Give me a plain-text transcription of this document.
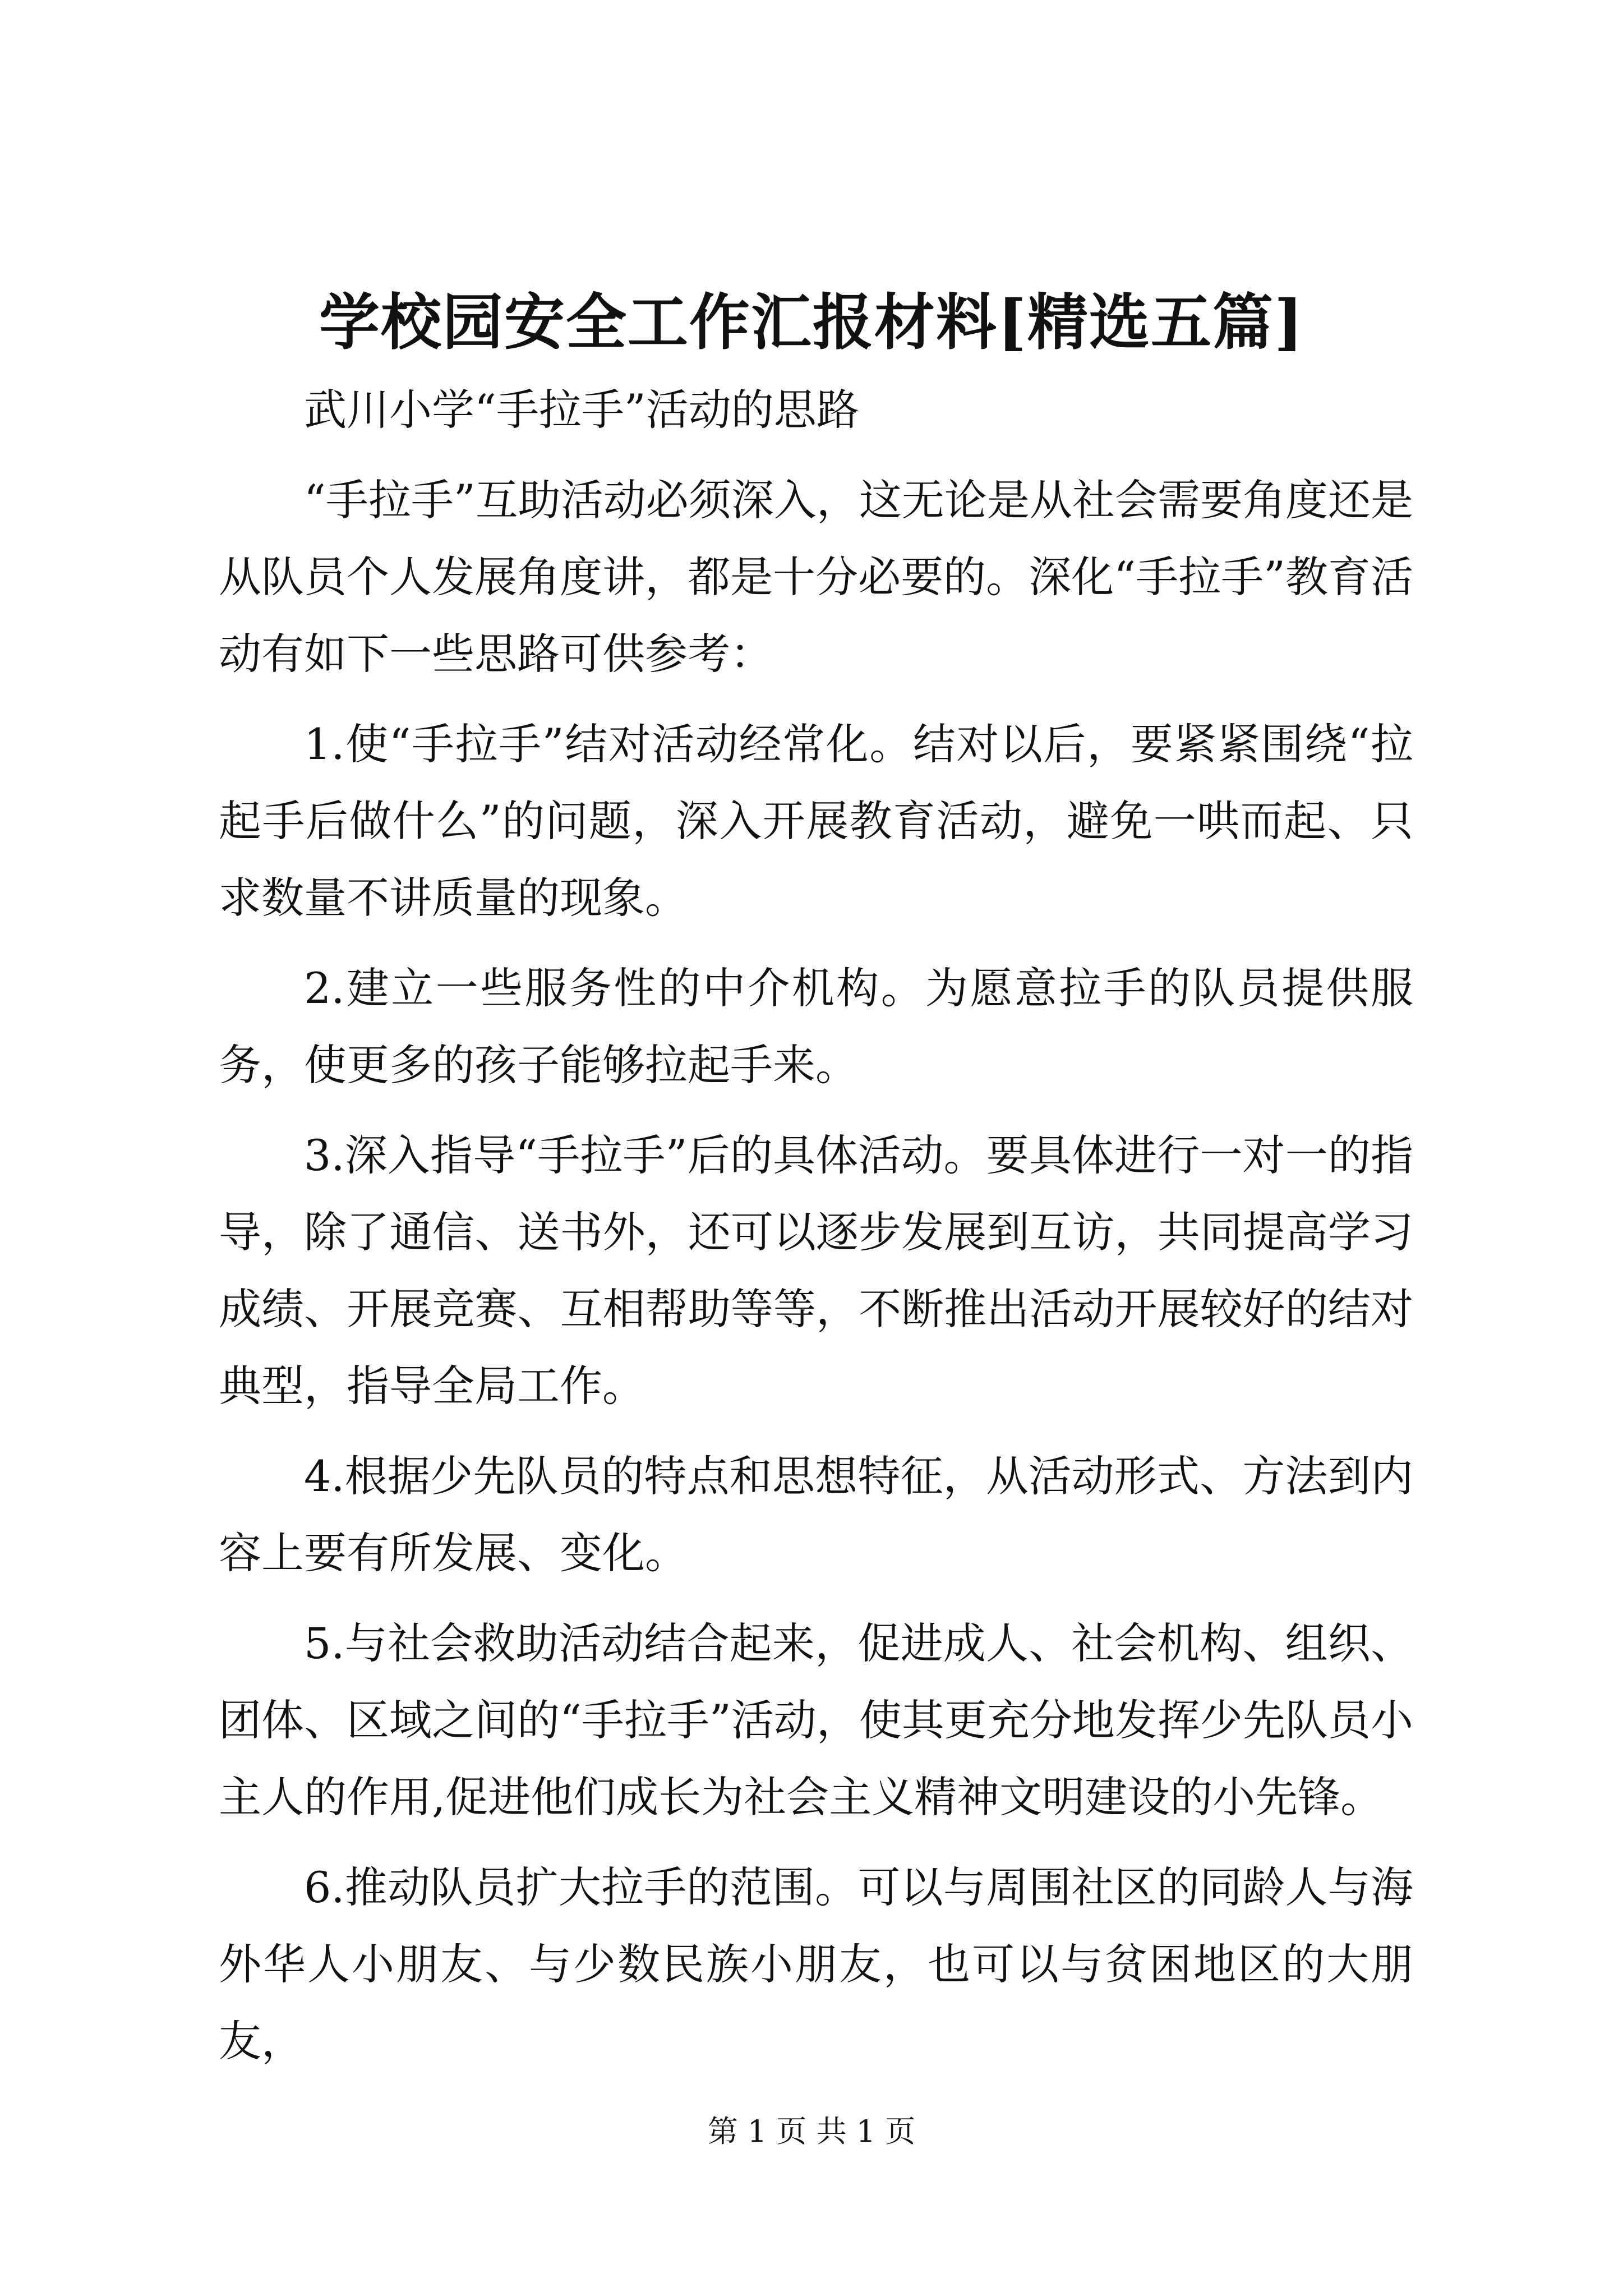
学校园安全工作汇报材料[精选五篇]

武川小学“手拉手”活动的思路

“手拉手”互助活动必须深入，这无论是从社会需要角度还是从队员个人发展角度讲，都是十分必要的。深化“手拉手”教育活动有如下一些思路可供参考：

1.使“手拉手”结对活动经常化。结对以后，要紧紧围绕“拉起手后做什么”的问题，深入开展教育活动，避免一哄而起、只求数量不讲质量的现象。

2.建立一些服务性的中介机构。为愿意拉手的队员提供服务，使更多的孩子能够拉起手来。

3.深入指导“手拉手”后的具体活动。要具体进行一对一的指导，除了通信、送书外，还可以逐步发展到互访，共同提高学习成绩、开展竞赛、互相帮助等等，不断推出活动开展较好的结对典型，指导全局工作。

4.根据少先队员的特点和思想特征，从活动形式、方法到内容上要有所发展、变化。

5.与社会救助活动结合起来，促进成人、社会机构、组织、团体、区域之间的“手拉手”活动，使其更充分地发挥少先队员小主人的作用,促进他们成长为社会主义精神文明建设的小先锋。

6.推动队员扩大拉手的范围。可以与周围社区的同龄人与海外华人小朋友、与少数民族小朋友，也可以与贫困地区的大朋友，

第 1 页 共 1 页
